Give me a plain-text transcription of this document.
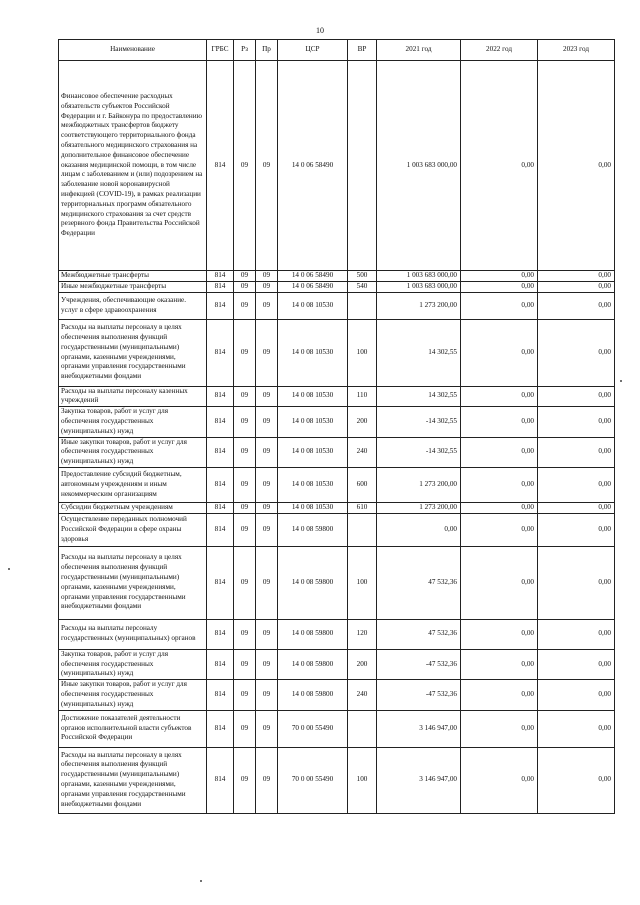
10
Наименование	ГРБС	Рз	Пр	ЦСР	ВР	2021 год	2022 год	2023 год
Финансовое обеспечение расходных обязательств субъектов Российской Федерации и г. Байконура по предоставлению межбюджетных трансфертов бюджету соответствующего территориального фонда обязательного медицинского страхования на дополнительное финансовое обеспечение оказания медицинской помощи, в том числе лицам с заболеванием и (или) подозрением на заболевание новой коронавирусной инфекцией (COVID-19), в рамках реализации территориальных программ обязательного медицинского страхования за счет средств резервного фонда Правительства Российской Федерации	814	09	09	14 0 06 58490		1 003 683 000,00	0,00	0,00
Межбюджетные трансферты	814	09	09	14 0 06 58490	500	1 003 683 000,00	0,00	0,00
Иные межбюджетные трансферты	814	09	09	14 0 06 58490	540	1 003 683 000,00	0,00	0,00
Учреждения, обеспечивающие оказание. услуг в сфере здравоохранения	814	09	09	14 0 08 10530		1 273 200,00	0,00	0,00
Расходы на выплаты персоналу в целях обеспечения выполнения функций государственными (муниципальными) органами, казенными учреждениями, органами управления государственными внебюджетными фондами	814	09	09	14 0 08 10530	100	14 302,55	0,00	0,00
Расходы на выплаты персоналу казенных учреждений	814	09	09	14 0 08 10530	110	14 302,55	0,00	0,00
Закупка товаров, работ и услуг для обеспечения государственных (муниципальных) нужд	814	09	09	14 0 08 10530	200	-14 302,55	0,00	0,00
Иные закупки товаров, работ и услуг для обеспечения государственных (муниципальных) нужд	814	09	09	14 0 08 10530	240	-14 302,55	0,00	0,00
Предоставление субсидий бюджетным, автономным учреждениям и иным некоммерческим организациям	814	09	09	14 0 08 10530	600	1 273 200,00	0,00	0,00
Субсидии бюджетным учреждениям	814	09	09	14 0 08 10530	610	1 273 200,00	0,00	0,00
Осуществление переданных полномочий Российской Федерации в сфере охраны здоровья	814	09	09	14 0 08 59800		0,00	0,00	0,00
Расходы на выплаты персоналу в целях обеспечения выполнения функций государственными (муниципальными) органами, казенными учреждениями, органами управления государственными внебюджетными фондами	814	09	09	14 0 08 59800	100	47 532,36	0,00	0,00
Расходы на выплаты персоналу государственных (муниципальных) органов	814	09	09	14 0 08 59800	120	47 532,36	0,00	0,00
Закупка товаров, работ и услуг для обеспечения государственных (муниципальных) нужд	814	09	09	14 0 08 59800	200	-47 532,36	0,00	0,00
Иные закупки товаров, работ и услуг для обеспечения государственных (муниципальных) нужд	814	09	09	14 0 08 59800	240	-47 532,36	0,00	0,00
Достижение показателей деятельности органов исполнительной власти субъектов Российской Федерации	814	09	09	70 0 00 55490		3 146 947,00	0,00	0,00
Расходы на выплаты персоналу в целях обеспечения выполнения функций государственными (муниципальными) органами, казенными учреждениями, органами управления государственными внебюджетными фондами	814	09	09	70 0 00 55490	100	3 146 947,00	0,00	0,00
